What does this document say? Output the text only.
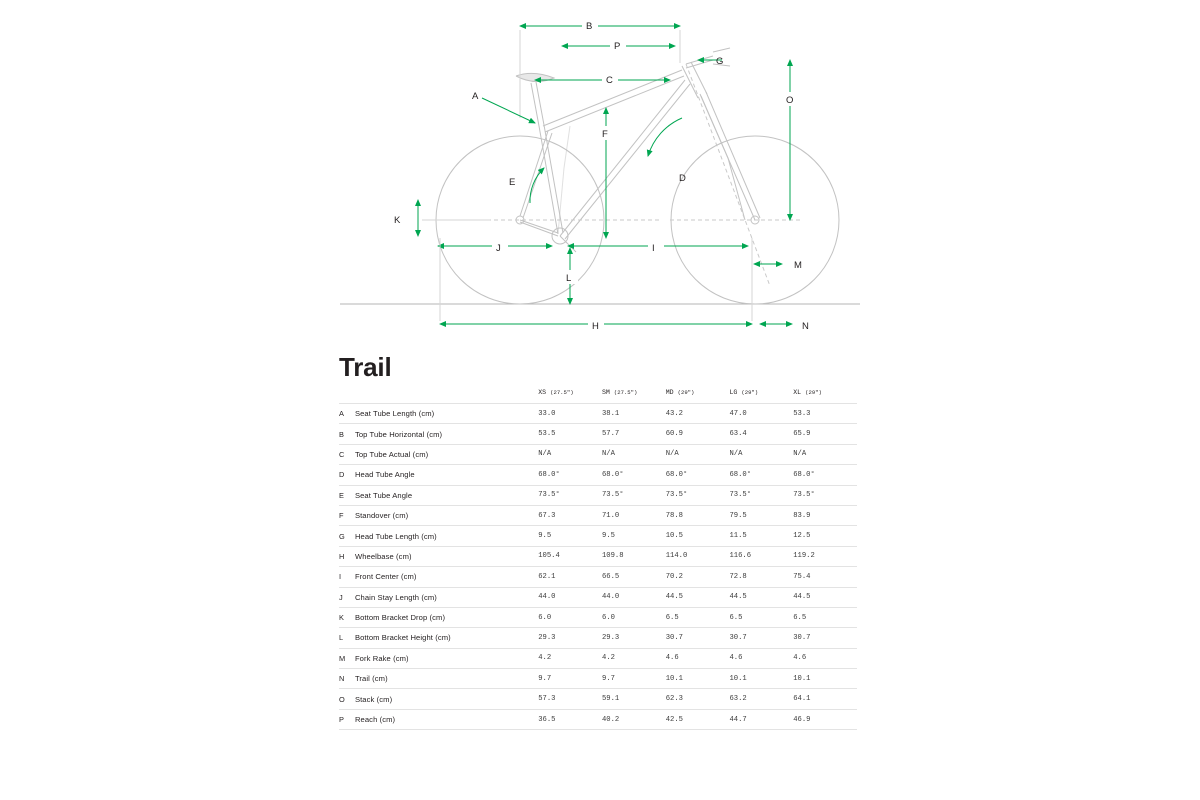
B
P
C
A
E
F
G
O
D
K
J	I
L
H
M
N
Trail
		XS (27.5")	SM (27.5")	MD (29")	LG (29")	XL (29")
A	Seat Tube Length (cm)	33.0	38.1	43.2	47.0	53.3
B	Top Tube Horizontal (cm)	53.5	57.7	60.9	63.4	65.9
C	Top Tube Actual (cm)	N/A	N/A	N/A	N/A	N/A
D	Head Tube Angle	68.0°	68.0°	68.0°	68.0°	68.0°
E	Seat Tube Angle	73.5°	73.5°	73.5°	73.5°	73.5°
F	Standover (cm)	67.3	71.0	78.8	79.5	83.9
G	Head Tube Length (cm)	9.5	9.5	10.5	11.5	12.5
H	Wheelbase (cm)	105.4	109.8	114.0	116.6	119.2
I	Front Center (cm)	62.1	66.5	70.2	72.8	75.4
J	Chain Stay Length (cm)	44.0	44.0	44.5	44.5	44.5
K	Bottom Bracket Drop (cm)	6.0	6.0	6.5	6.5	6.5
L	Bottom Bracket Height (cm)	29.3	29.3	30.7	30.7	30.7
M	Fork Rake (cm)	4.2	4.2	4.6	4.6	4.6
N	Trail (cm)	9.7	9.7	10.1	10.1	10.1
O	Stack (cm)	57.3	59.1	62.3	63.2	64.1
P	Reach (cm)	36.5	40.2	42.5	44.7	46.9
